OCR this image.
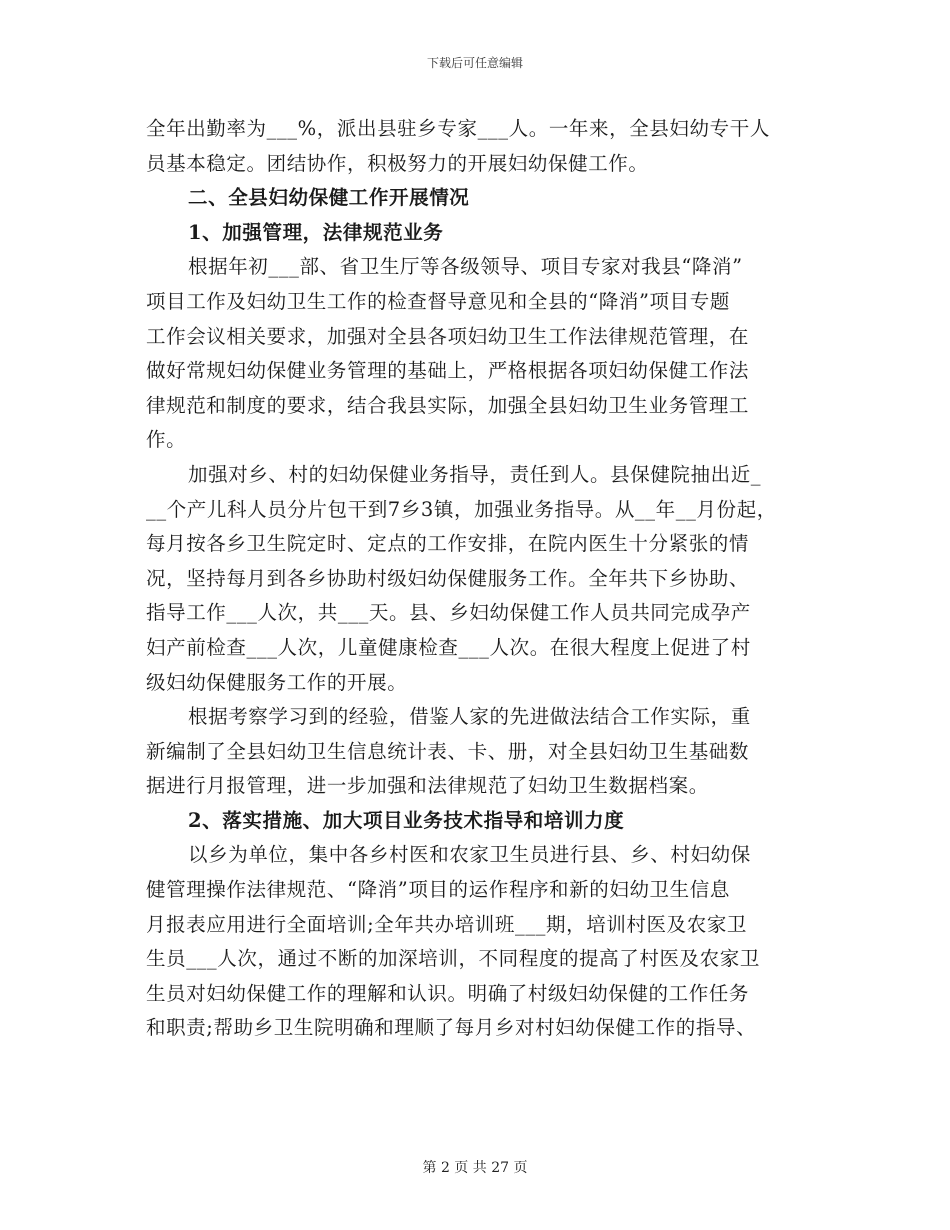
下载后可任意编辑
全年出勤率为___%，派出县驻乡专家___人。一年来，全县妇幼专干人
员基本稳定。团结协作，积极努力的开展妇幼保健工作。
二、全县妇幼保健工作开展情况
1、加强管理，法律规范业务
根据年初___部、省卫生厅等各级领导、项目专家对我县“降消”
项目工作及妇幼卫生工作的检查督导意见和全县的“降消”项目专题
工作会议相关要求，加强对全县各项妇幼卫生工作法律规范管理，在
做好常规妇幼保健业务管理的基础上，严格根据各项妇幼保健工作法
律规范和制度的要求，结合我县实际，加强全县妇幼卫生业务管理工
作。
加强对乡、村的妇幼保健业务指导，责任到人。县保健院抽出近_
__个产儿科人员分片包干到7乡3镇，加强业务指导。从__年__月份起，
每月按各乡卫生院定时、定点的工作安排，在院内医生十分紧张的情
况，坚持每月到各乡协助村级妇幼保健服务工作。全年共下乡协助、
指导工作___人次，共___天。县、乡妇幼保健工作人员共同完成孕产
妇产前检查___人次，儿童健康检查___人次。在很大程度上促进了村
级妇幼保健服务工作的开展。
根据考察学习到的经验，借鉴人家的先进做法结合工作实际，重
新编制了全县妇幼卫生信息统计表、卡、册，对全县妇幼卫生基础数
据进行月报管理，进一步加强和法律规范了妇幼卫生数据档案。
2、落实措施、加大项目业务技术指导和培训力度
以乡为单位，集中各乡村医和农家卫生员进行县、乡、村妇幼保
健管理操作法律规范、“降消”项目的运作程序和新的妇幼卫生信息
月报表应用进行全面培训;全年共办培训班___期，培训村医及农家卫
生员___人次，通过不断的加深培训，不同程度的提高了村医及农家卫
生员对妇幼保健工作的理解和认识。明确了村级妇幼保健的工作任务
和职责;帮助乡卫生院明确和理顺了每月乡对村妇幼保健工作的指导、
第 2 页 共 27 页
